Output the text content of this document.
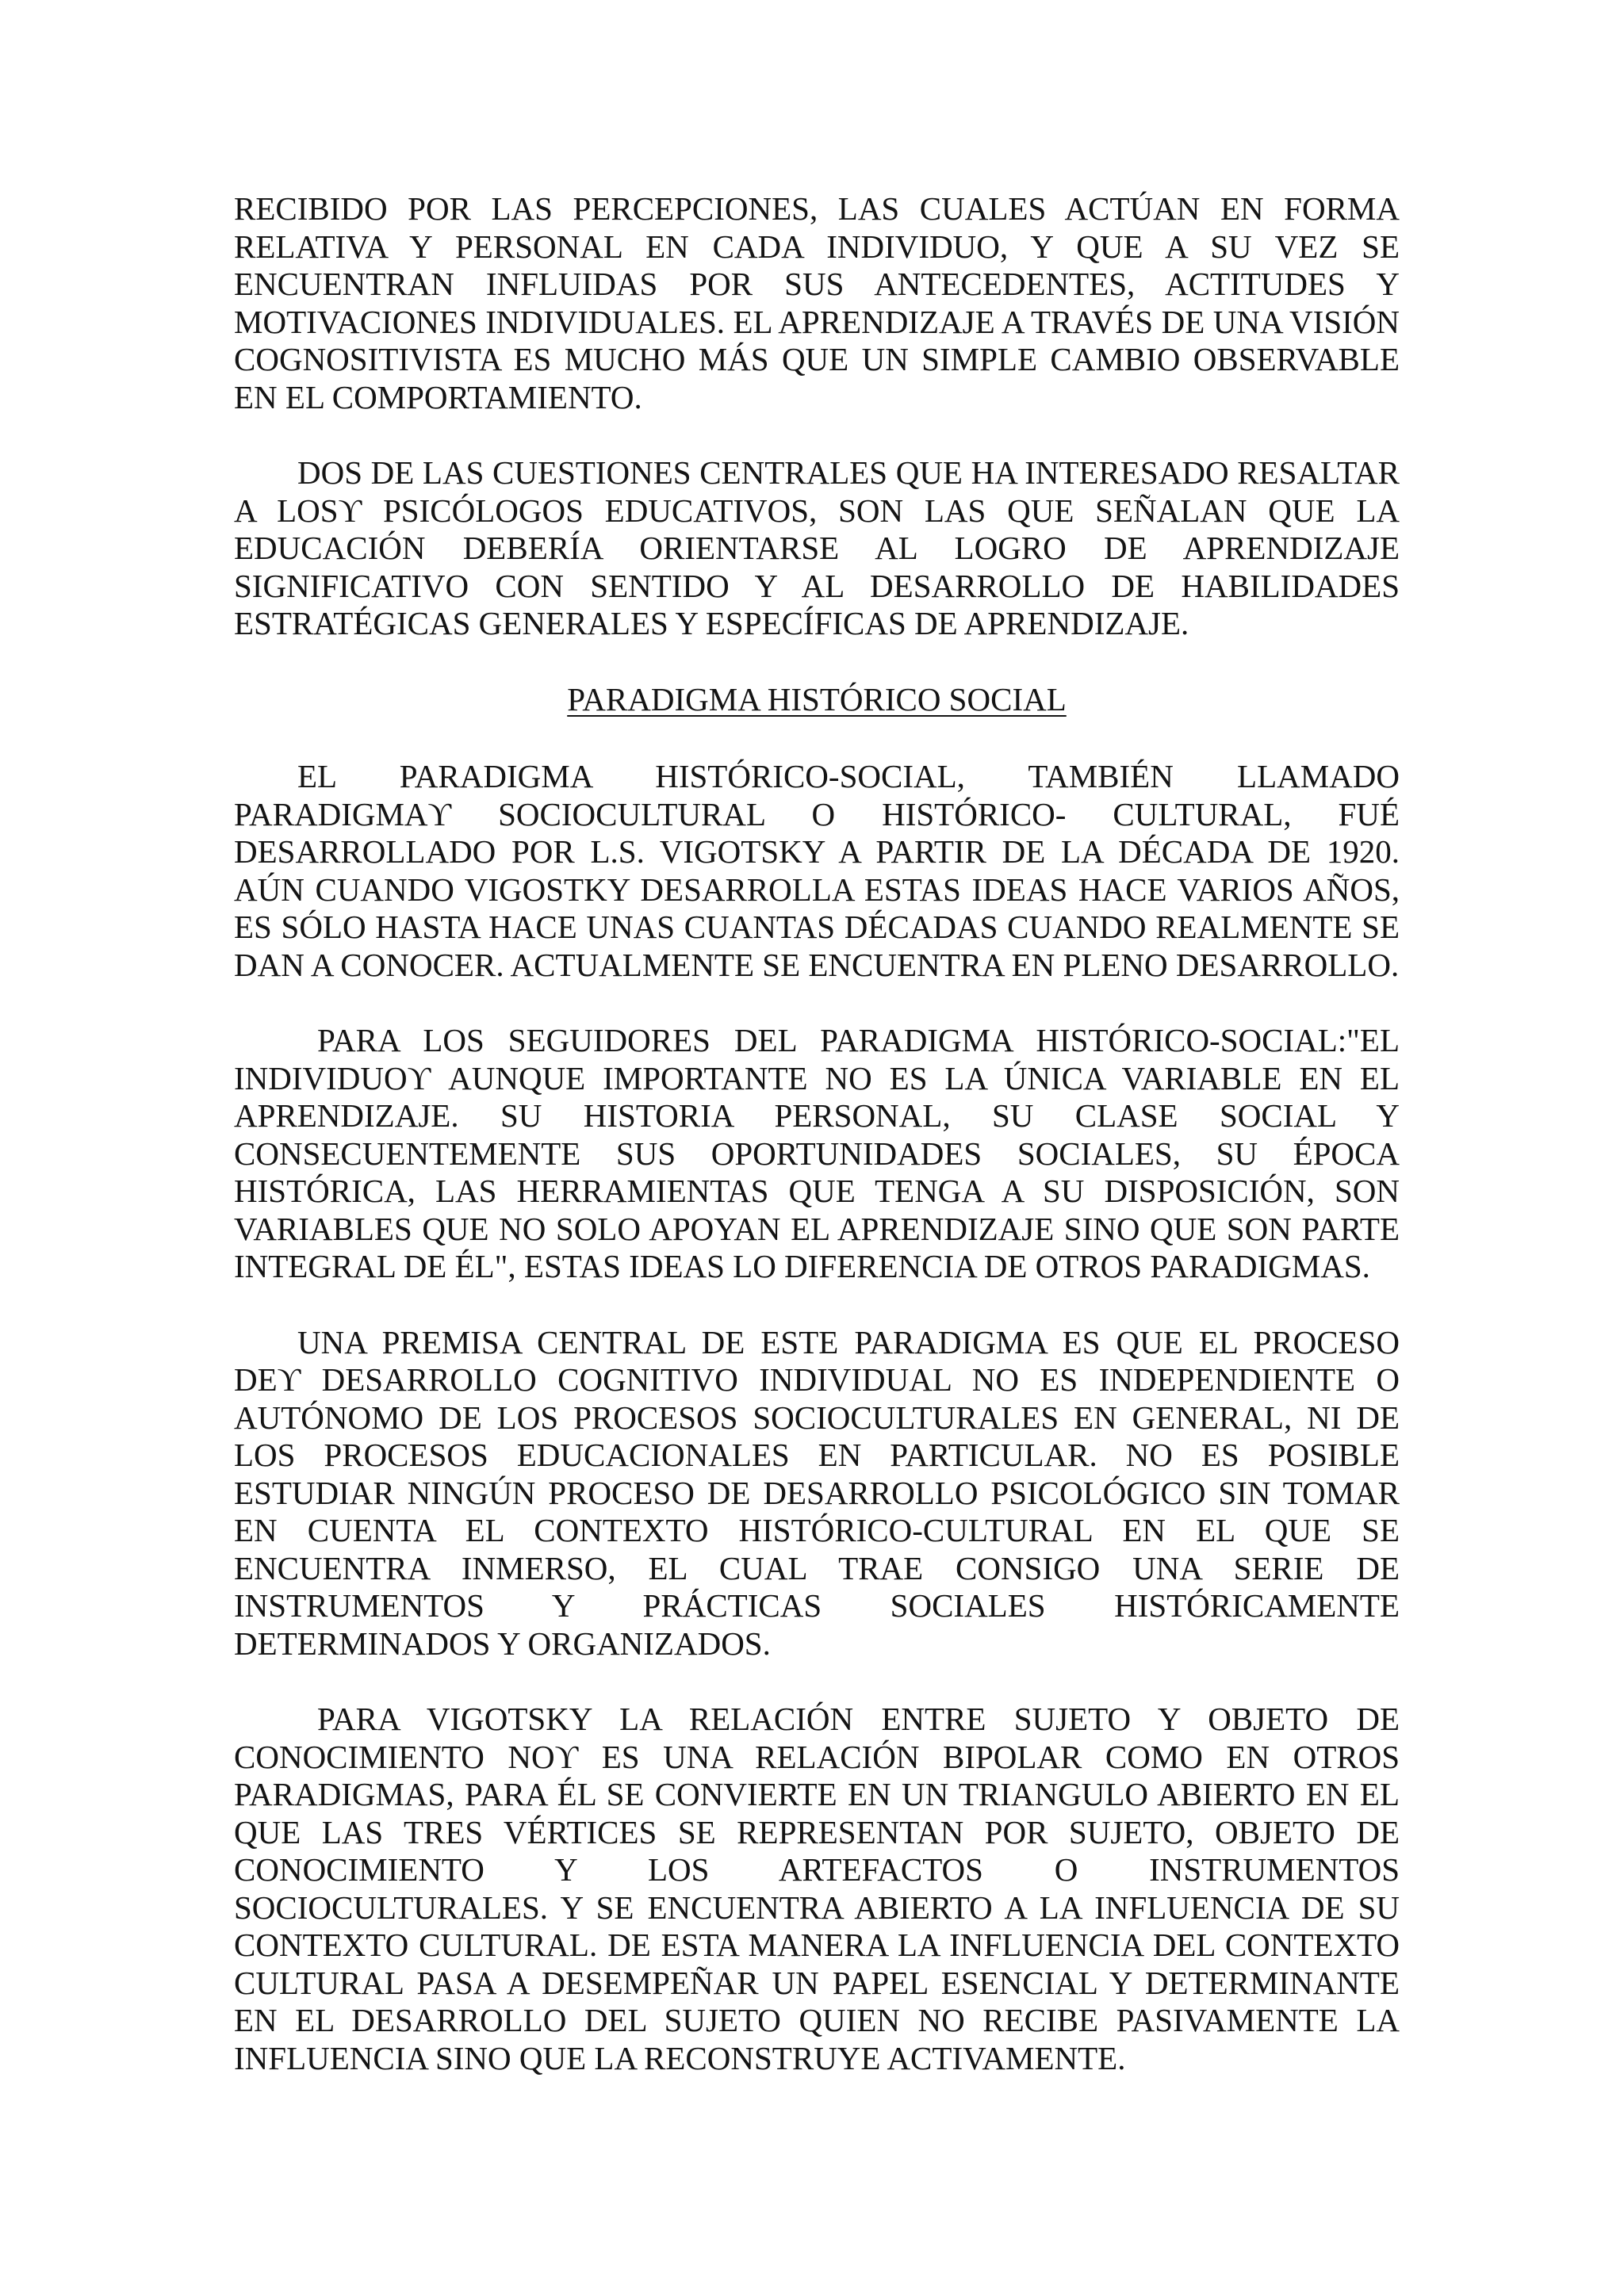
RECIBIDO POR LAS PERCEPCIONES, LAS CUALES ACTÚAN EN FORMA RELATIVA Y PERSONAL EN CADA INDIVIDUO, Y QUE A SU VEZ SE ENCUENTRAN INFLUIDAS POR SUS ANTECEDENTES, ACTITUDES Y MOTIVACIONES INDIVIDUALES. EL APRENDIZAJE A TRAVÉS DE UNA VISIÓN COGNOSITIVISTA ES MUCHO MÁS QUE UN SIMPLE CAMBIO OBSERVABLE EN EL COMPORTAMIENTO.

DOS DE LAS CUESTIONES CENTRALES QUE HA INTERESADO RESALTAR A LOSϒ PSICÓLOGOS EDUCATIVOS, SON LAS QUE SEÑALAN QUE LA EDUCACIÓN DEBERÍA ORIENTARSE AL LOGRO DE APRENDIZAJE SIGNIFICATIVO CON SENTIDO Y AL DESARROLLO DE HABILIDADES ESTRATÉGICAS GENERALES Y ESPECÍFICAS DE APRENDIZAJE.

PARADIGMA HISTÓRICO SOCIAL

EL PARADIGMA HISTÓRICO-SOCIAL, TAMBIÉN LLAMADO PARADIGMAϒ SOCIOCULTURAL O HISTÓRICO- CULTURAL, FUÉ DESARROLLADO POR L.S. VIGOTSKY A PARTIR DE LA DÉCADA DE 1920. AÚN CUANDO VIGOSTKY DESARROLLA ESTAS IDEAS HACE VARIOS AÑOS, ES SÓLO HASTA HACE UNAS CUANTAS DÉCADAS CUANDO REALMENTE SE DAN A CONOCER. ACTUALMENTE SE ENCUENTRA EN PLENO DESARROLLO.

PARA LOS SEGUIDORES DEL PARADIGMA HISTÓRICO-SOCIAL:"EL INDIVIDUOϒ AUNQUE IMPORTANTE NO ES LA ÚNICA VARIABLE EN EL APRENDIZAJE. SU HISTORIA PERSONAL, SU CLASE SOCIAL Y CONSECUENTEMENTE SUS OPORTUNIDADES SOCIALES, SU ÉPOCA HISTÓRICA, LAS HERRAMIENTAS QUE TENGA A SU DISPOSICIÓN, SON VARIABLES QUE NO SOLO APOYAN EL APRENDIZAJE SINO QUE SON PARTE INTEGRAL DE ÉL", ESTAS IDEAS LO DIFERENCIA DE OTROS PARADIGMAS.

UNA PREMISA CENTRAL DE ESTE PARADIGMA ES QUE EL PROCESO DEϒ DESARROLLO COGNITIVO INDIVIDUAL NO ES INDEPENDIENTE O AUTÓNOMO DE LOS PROCESOS SOCIOCULTURALES EN GENERAL, NI DE LOS PROCESOS EDUCACIONALES EN PARTICULAR. NO ES POSIBLE ESTUDIAR NINGÚN PROCESO DE DESARROLLO PSICOLÓGICO SIN TOMAR EN CUENTA EL CONTEXTO HISTÓRICO-CULTURAL EN EL QUE SE ENCUENTRA INMERSO, EL CUAL TRAE CONSIGO UNA SERIE DE INSTRUMENTOS Y PRÁCTICAS SOCIALES HISTÓRICAMENTE DETERMINADOS Y ORGANIZADOS.

PARA VIGOTSKY LA RELACIÓN ENTRE SUJETO Y OBJETO DE CONOCIMIENTO NOϒ ES UNA RELACIÓN BIPOLAR COMO EN OTROS PARADIGMAS, PARA ÉL SE CONVIERTE EN UN TRIANGULO ABIERTO EN EL QUE LAS TRES VÉRTICES SE REPRESENTAN POR SUJETO, OBJETO DE CONOCIMIENTO Y LOS ARTEFACTOS O INSTRUMENTOS SOCIOCULTURALES. Y SE ENCUENTRA ABIERTO A LA INFLUENCIA DE SU CONTEXTO CULTURAL. DE ESTA MANERA LA INFLUENCIA DEL CONTEXTO CULTURAL PASA A DESEMPEÑAR UN PAPEL ESENCIAL Y DETERMINANTE EN EL DESARROLLO DEL SUJETO QUIEN NO RECIBE PASIVAMENTE LA INFLUENCIA SINO QUE LA RECONSTRUYE ACTIVAMENTE.
